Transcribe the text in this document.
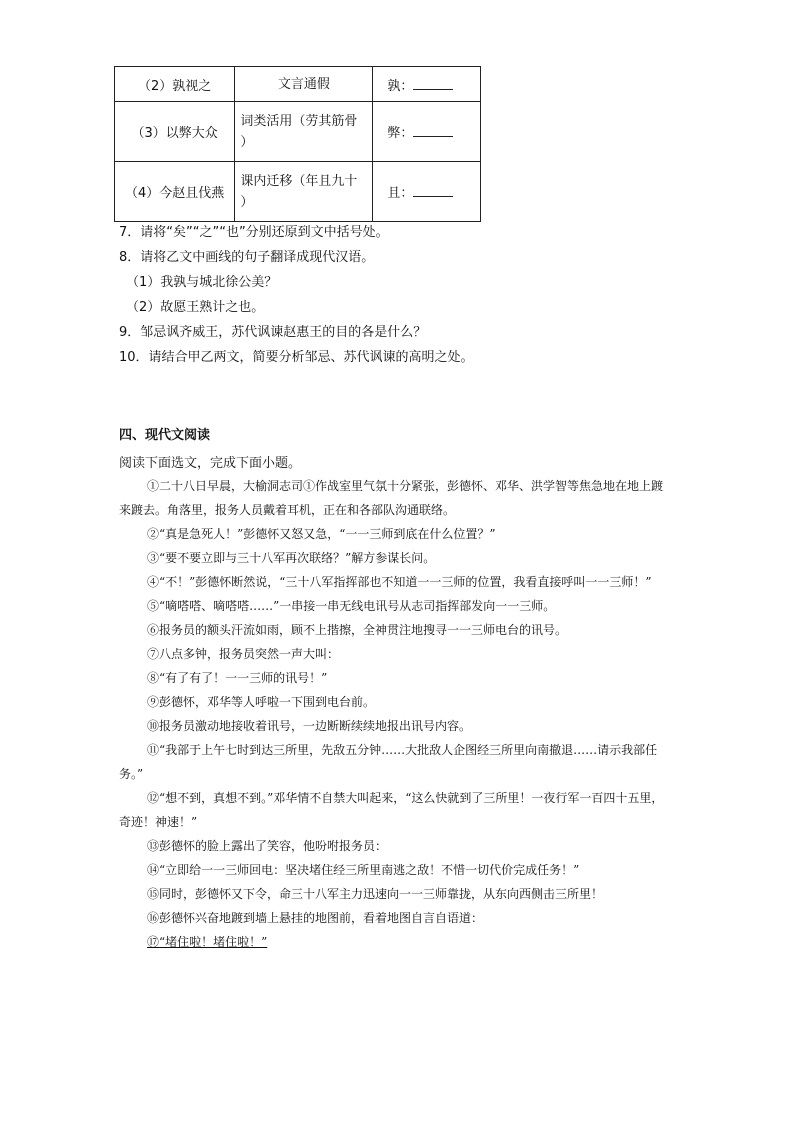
（2）孰视之	文言通假	孰：
（3）以弊大众	词类活用（劳其筋骨
）	弊：
（4）今赵且伐燕	课内迁移（年且九十
）	且：
7．请将“矣”“之”“也”分别还原到文中括号处。
8．请将乙文中画线的句子翻译成现代汉语。
（1）我孰与城北徐公美？
（2）故愿王熟计之也。
9．邹忌讽齐威王，苏代讽谏赵惠王的目的各是什么？
10．请结合甲乙两文，简要分析邹忌、苏代讽谏的高明之处。
四、现代文阅读
阅读下面选文，完成下面小题。

①二十八日早晨，大榆洞志司①作战室里气氛十分紧张，彭德怀、邓华、洪学智等焦急地在地上踱来踱去。角落里，报务人员戴着耳机，正在和各部队沟通联络。

②“真是急死人！”彭德怀又怒又急，“一一三师到底在什么位置？”

③“要不要立即与三十八军再次联络？”解方参谋长问。

④“不！”彭德怀断然说，“三十八军指挥部也不知道一一三师的位置，我看直接呼叫一一三师！”

⑤“嘀嗒嗒、嘀嗒嗒……”一串接一串无线电讯号从志司指挥部发向一一三师。

⑥报务员的额头汗流如雨，顾不上揩擦，全神贯注地搜寻一一三师电台的讯号。

⑦八点多钟，报务员突然一声大叫：

⑧“有了有了！一一三师的讯号！”

⑨彭德怀，邓华等人呼啦一下围到电台前。

⑩报务员激动地接收着讯号，一边断断续续地报出讯号内容。

⑪“我部于上午七时到达三所里，先敌五分钟……大批敌人企图经三所里向南撤退……请示我部任务。”

⑫“想不到，真想不到。”邓华情不自禁大叫起来，“这么快就到了三所里！一夜行军一百四十五里，奇迹！神速！”

⑬彭德怀的脸上露出了笑容，他吩咐报务员：

⑭“立即给一一三师回电：坚决堵住经三所里南逃之敌！不惜一切代价完成任务！”

⑮同时，彭德怀又下令，命三十八军主力迅速向一一三师靠拢，从东向西侧击三所里！

⑯彭德怀兴奋地踱到墙上悬挂的地图前，看着地图自言自语道：

⑰“堵住啦！堵住啦！”
